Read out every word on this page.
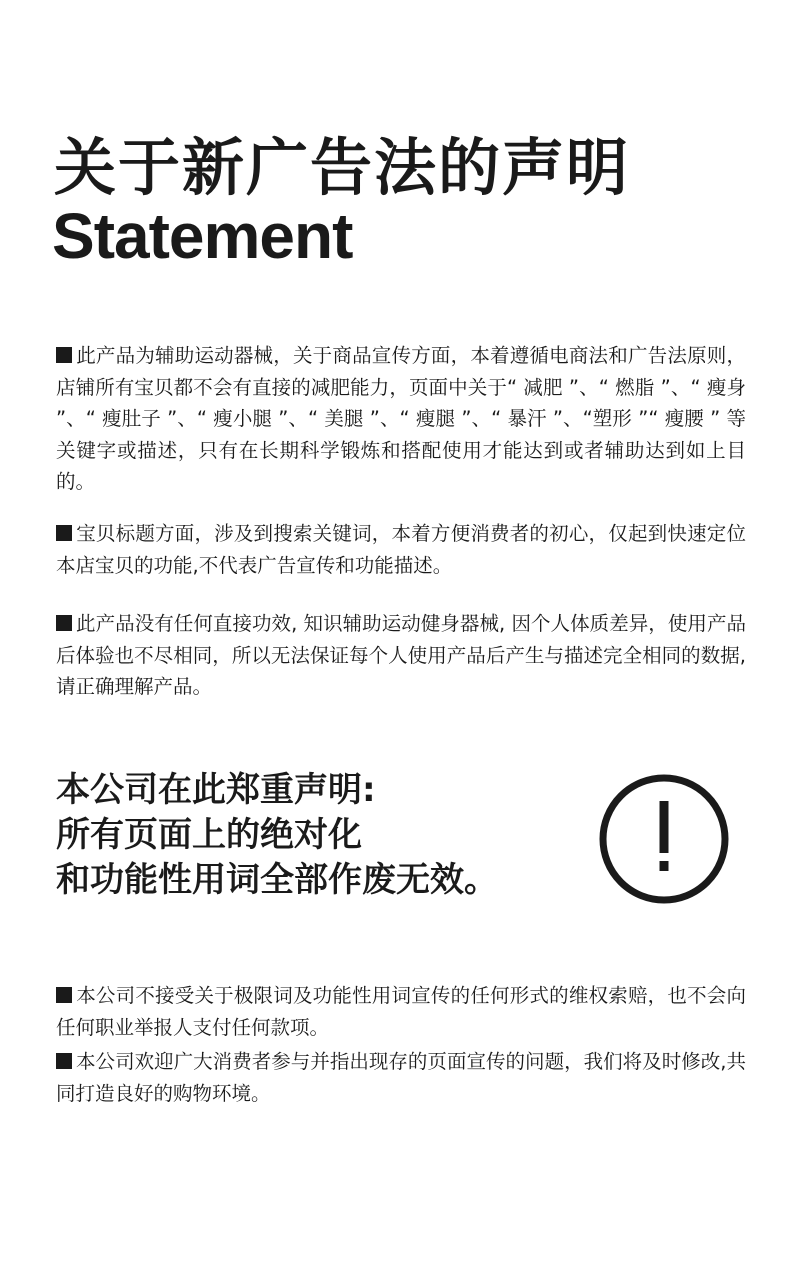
关于新广告法的声明
Statement

此产品为辅助运动器械，关于商品宣传方面，本着遵循电商法和广告法原则，店铺所有宝贝都不会有直接的减肥能力，页面中关于“ 减肥 ”、“ 燃脂 ”、“ 瘦身 ”、“ 瘦肚子 ”、“ 瘦小腿 ”、“ 美腿 ”、“ 瘦腿 ”、“ 暴汗 ”、“塑形 ”“ 瘦腰 ” 等关键字或描述，只有在长期科学锻炼和搭配使用才能达到或者辅助达到如上目的。

宝贝标题方面，涉及到搜索关键词，本着方便消费者的初心，仅起到快速定位本店宝贝的功能,不代表广告宣传和功能描述。

此产品没有任何直接功效, 知识辅助运动健身器械, 因个人体质差异，使用产品后体验也不尽相同，所以无法保证每个人使用产品后产生与描述完全相同的数据,请正确理解产品。

本公司在此郑重声明:
所有页面上的绝对化
和功能性用词全部作废无效。

本公司不接受关于极限词及功能性用词宣传的任何形式的维权索赔，也不会向任何职业举报人支付任何款项。

本公司欢迎广大消费者参与并指出现存的页面宣传的问题，我们将及时修改,共同打造良好的购物环境。
